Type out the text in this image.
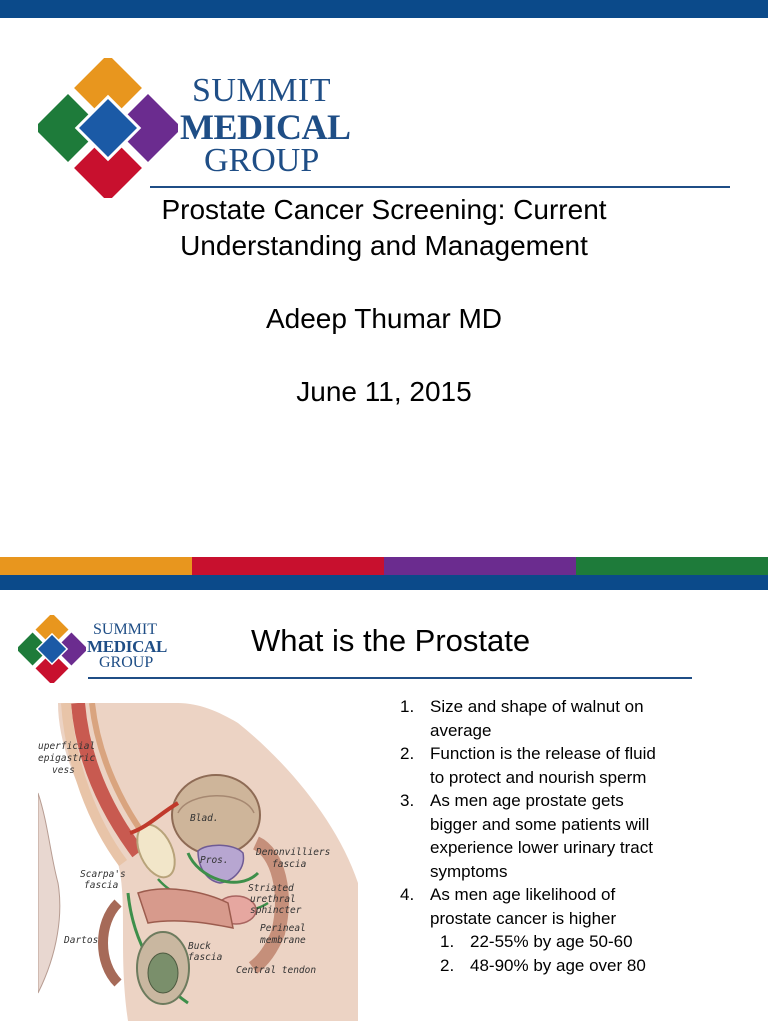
SUMMIT
MEDICAL
GROUP
Prostate Cancer Screening: Current
Understanding and Management
Adeep Thumar MD
June 11, 2015
SUMMIT
MEDICAL
GROUP
What is the Prostate
uperficial
epigastric
vess
Blad.
Pros.
Denonvilliers
fascia
Scarpa's
fascia	Striated
urethral
sphincter
Perineal
membrane
Dartos
Buck
fascia
Central tendon
1. Size and shape of walnut on
average
2. Function is the release of fluid
to protect and nourish sperm
3. As men age prostate gets
bigger and some patients will
experience lower urinary tract
symptoms
4. As men age likelihood of
prostate cancer is higher
1. 22-55% by age 50-60
2. 48-90% by age over 80
